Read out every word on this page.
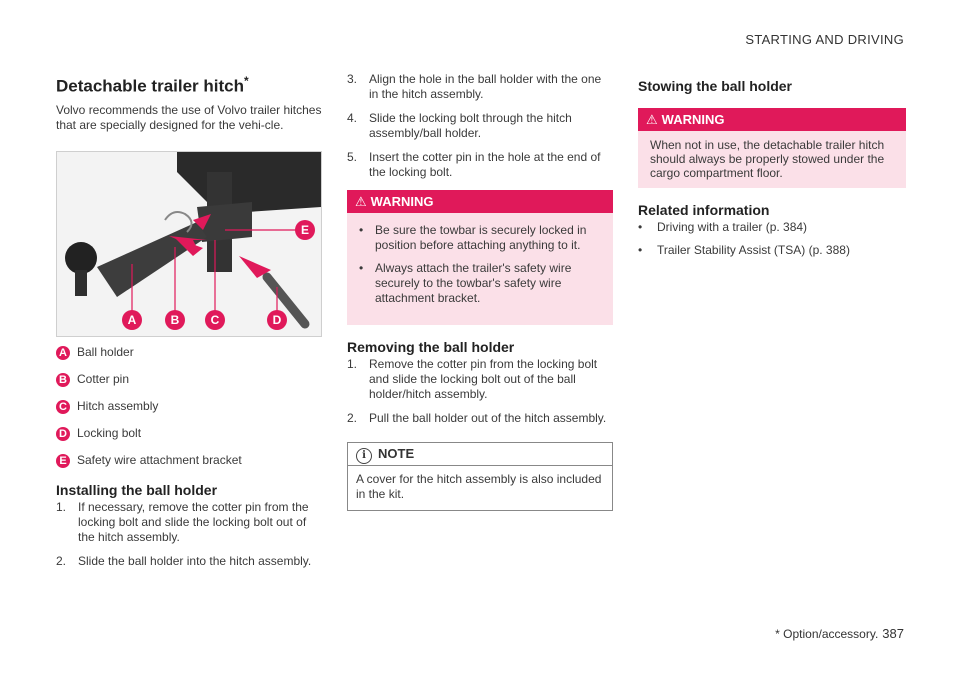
STARTING AND DRIVING
Detachable trailer hitch*

Volvo recommends the use of Volvo trailer hitches that are specially designed for the vehi-cle.

A	B	C	D
E
A Ball holder
B Cotter pin
C Hitch assembly
D Locking bolt
E Safety wire attachment bracket
Installing the ball holder
1. If necessary, remove the cotter pin from the locking bolt and slide the locking bolt out of the hitch assembly.
2. Slide the ball holder into the hitch assembly.
3. Align the hole in the ball holder with the one in the hitch assembly.
4. Slide the locking bolt through the hitch assembly/ball holder.
5. Insert the cotter pin in the hole at the end of the locking bolt.
⚠ WARNING
• Be sure the towbar is securely locked in position before attaching anything to it.
• Always attach the trailer's safety wire securely to the towbar's safety wire attachment bracket.
Removing the ball holder
1. Remove the cotter pin from the locking bolt and slide the locking bolt out of the ball holder/hitch assembly.
2. Pull the ball holder out of the hitch assembly.
i NOTE
A cover for the hitch assembly is also included in the kit.
Stowing the ball holder
⚠ WARNING
When not in use, the detachable trailer hitch should always be properly stowed under the cargo compartment floor.
Related information
• Driving with a trailer (p. 384)
• Trailer Stability Assist (TSA) (p. 388)
* Option/accessory. 387
